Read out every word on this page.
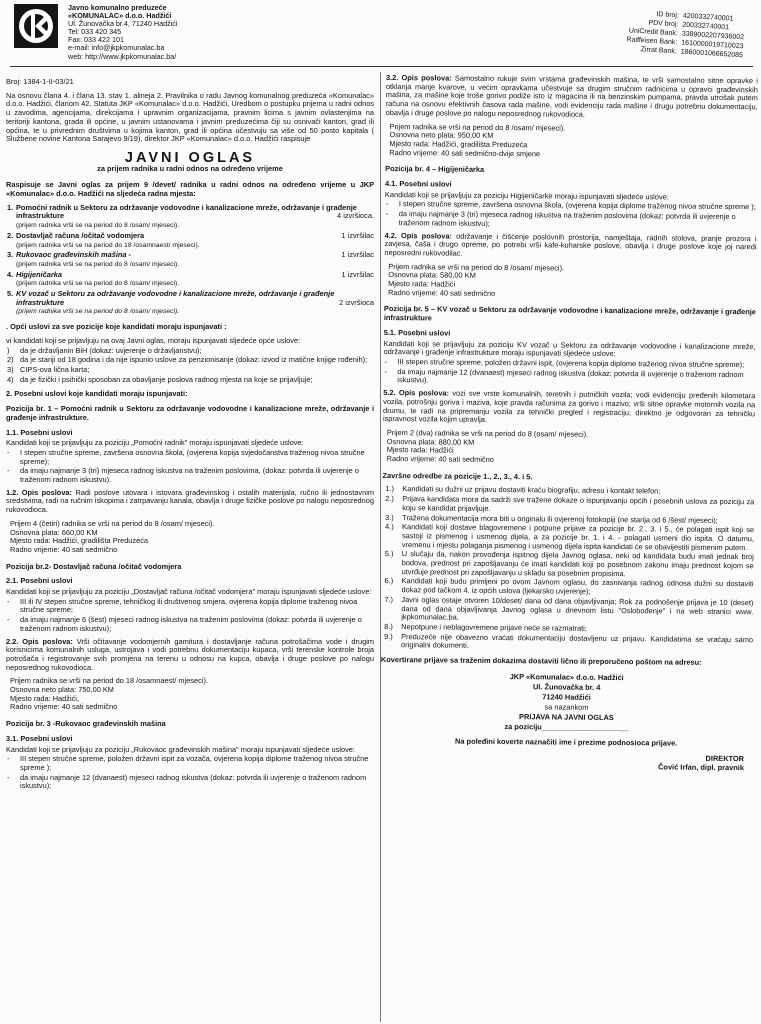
Javno komunalno preduzeće
«KOMUNALAC» d.o.o. Hadžići
Ul. Žunovačka br.4, 71240 Hadžići
Tel: 033 420 345
Fax: 033 422 101
e-mail: info@jkpkomunalac.ba
web: http://www.jkpkomunalac.ba/
ID broj: 4200332740001
PDV broj: 200332740001
UniCredit Bank: 3389002207936002
Raiffeisen Bank: 1610000019710023
Zirrat Bank: 1860001066652085

Broj: 1384-1-II-03/21

Na osnovu člana 4. i člana 13. stav 1. alineja 2. Pravilnika o radu Javnog komunalnog preduzeća «Komunalac» d.o.o. Hadžići, članom 42. Statuta JKP «Komunalac» d.o.o. Hadžići, Uredbom o postupku prijema u radni odnos u zavodima, agencijama, direkcijama i upravnim organizacijama, pravnim licima s javnim ovlastenjima na teritoriji kantona, grada ili općine, u javnim ustanovama i javnim preduzećima čiji su osnivači kanton, grad ili općina, te u privrednim društvima u kojima kanton, grad ili općina učestvuju sa više od 50 posto kapitala ( Službene novine Kantona Sarajevo 9/19), direktor JKP «Komunalac» d.o.o. Hadžići raspisuje

JAVNI OGLAS

za prijem radnika u radni odnos na određeno vrijeme

Raspisuje se Javni oglas za prijem 9 /devet/ radnika u radni odnos na određeno vrijeme u JKP «Komunalac» d.o.o. Hadžići na sljedeća radna mjesta:

1. Pomoćni radnik u Sektoru za održavanje vodovodne i kanalizacione mreže, održavanje i građenje infrastrukture	4 izvršioca.

(prijem radnika vrši se na period do 8 /osam/ mjeseci).
2. Dostavljač računa /očitač vodomjera	1 izvršilac

(prijem radnika vrši se na period do 18 /osamnaest/ mjeseci).
3. Rukovaoc građevinskih mašina -	1 izvršilac

(prijem radnika vrši se na period do 8 /osam/ mjeseci).
4. Higijeničarka	1 izvršilac

(prijem radnika vrši se na period do 8 /osam/ mjeseci).
5. KV vozač u Sektoru za održavanje vodovodne i kanalizacione mreže, održavanje i građenje infrastrukture	2 izvršioca

(prijem radnika vrši se na period do 8 /osam/ mjeseci).

. Opći uslovi za sve pozicije koje kandidati moraju ispunjavati :

vi kandidati koji se prijavljuju na ovaj Javni oglas, moraju ispunjavati sljedeće opće uslove:

) da je državljanin BiH (dokaz: uvjerenje o državljanstvu);
2) da je stariji od 18 godina i da nije ispunio uslove za penzionisanje (dokaz: izvod iz matične knjige rođenih);
3) CIPS-ova lična karta;
4) da je fizički i psihički sposoban za obavljanje poslova radnog mjesta na koje se prijavljuje;

2. Posebni uslovi koje kandidati moraju ispunjavati:

Pozicija br. 1 – Pomoćni radnik u Sektoru za održavanje vodovodne i kanalizacione mreže, održavanje i građenje infrastrukture.

1.1. Posebni uslovi

Kandidati koji se prijavljuju za poziciju „Pomoćni radnik" moraju ispunjavati sljedeće uslove:

- I stepen stručne spreme, završena osnovna škola, (ovjerena kopija svjedočanstva traženog nivoa stručne spreme);
- da imaju najmanje 3 (tri) mjeseca radnog iskustva na traženim poslovima, (dokaz: potvrda ili uvjerenje o traženom radnom iskustvu).

1.2. Opis poslova: Radi poslove utovara i istovara građevinskog i ostalih materijala, ručno ili jednostavnim sredstvima, radi na ručnim iskopima i zatrpavanju kanala, obavlja i druge fizičke poslove po nalogu neposrednog rukovodioca.

Prijem 4 (četiri) radnika se vrši na period do 8 /osam/ mjeseci).
Osnovna plata: 660,00 KM
Mjesto rada: Hadžići, gradilišta Preduzeća
Radno vrijeme: 40 sati sedmično

Pozicija br.2- Dostavljač računa /očitač vodomjera

2.1. Posebni uslovi

Kandidati koji se prijavljuju za poziciju „Dostavljač računa /očitač vodomjera" moraju ispunjavati sljedeće uslove:

- III ili IV stepen stručne spreme, tehničkog ili društvenog smjera, ovjerena kopija diplome traženog nivoa stručne spreme;
- da imaju najmanje 6 (šest) mjeseci radnog iskustva na traženim poslovima (dokaz: potvrda ili uvjerenje o traženom radnom iskustvu);

2.2. Opis poslova: Vrši očitavanje vodomjernih gamitura i dostavljanje računa potrošačima vode i drugim korisnicima komunalnih usluga, ustrojava i vodi potrebnu dokumentaciju kupaca, vrši terenske kontrole broja potrošača i registrovanje svih promjena na terenu u odnosu na kupca, obavlja i druge poslove po nalogu neposrednog rukovodioca.

Prijem radnika se vrši na period do 18 /osamnaest/ mjeseci).
Osnovna neto plata: 750,00 KM
Mjesto rada: Hadžići,
Radno vrijeme: 40 sati sedmično

Pozicija br. 3 -Rukovaoc građevinskih mašina

3.1. Posebni uslovi

Kandidati koji se prijavljuju za poziciju „Rukovaoc građevinskih mašina" moraju ispunjavati sljedeće uslove:

- III stepen stručne spreme, položen državni ispit za vozača, ovjerena kopija diplome traženog nivoa stručne spreme );
- da imaju najmanje 12 (dvanaest) mjeseci radnog iskustva (dokaz: potvrda ili uvjerenje o traženom radnom iskustvu);

3.2. Opis poslova: Samostalno rukuje svim vrstama građevinskih mašina, te vrši samostalno sitne opravke i otklanja manje kvarove, u većim opravkama učestvuje sa drugim stručnim radnicima u opravci građevinskih mašina, za mašine koje troše gorivo podiže isto iz magacina ili na benzinskim pumpama, pravda utrošak putem računa na osnovu efektivnih časova rada mašine, vodi evidenciju rada mašine i drugu potrebnu dokumentaciju, obavlja i druge poslove po nalogu neposrednog rukovodioca.

Prijem radnika se vrši na period do 8 /osam/ mjeseci).
Osnovna neto plata: 950,00 KM
Mjesto rada: Hadžići, gradilišta Preduzeća
Radno vrijeme: 40 sati sedmično-dvije smjene

Pozicija br. 4 – Higijeničarka

4.1. Posebni uslovi

Kandidati koji se prijavljuju za poziciju Higijeničarke moraju ispunjavati sljedeće uslove:

- I stepen stručne spreme, završena osnovna škola, (ovjerena kopija diplome traženog nivoa stručne spreme );
- da imaju najmanje 3 (tri) mjeseca radnog iskustva na traženim poslovima (dokaz: potvrda ili uvjerenje o traženom radnom iskustvu);

4.2. Opis poslova: održavanje i čišćenje poslovnih prostorija, namještaja, radnih stolova, pranje prozora i zavjesa, čaša i drugo opreme, po potrebi vrši kafe-kuharske poslove, obavlja i druge poslove koje joj naredi neposredni rukovodilac.

Prijem radnika se vrši na period do 8 /osam/ mjeseci).
Osnovna plata: 580,00 KM
Mjesto rada: Hadžići
Radno vrijeme: 40 sati sedmično

Pozicija br. 5 – KV vozač u Sektoru za održavanje vodovodne i kanalizacione mreže, održavanje i građenje infrastrukture

5.1. Posebni uslovi

Kandidati koji se prijavljuju za poziciju KV vozač u Sektoru za održavanje vodovodne i kanalizacione mreže, održavanje i građenje infrastrukture moraju ispunjavati sljedeće uslove:

- III stepen stručne spreme, položen državni ispit, (ovjerena kopija diplome traženog nivoa stručne spreme);
- da imaju najmanje 12 (dvanaest) mjeseci radnog iskustva (dokaz: potvrda ili uvjerenje o traženom radnom iskustvu).

5.2. Opis poslova: vozi sve vrste komunalnih, teretnih i putničkih vozila; vodi evidenciju pređenih kilometara vozila, potrošnju goriva i maziva, koje pravda računima za gorivo i mazivo; vrši sitne opravke motornih vozila na drumu, te radi na pripremanju vozila za tehnički pregled i registraciju; direktno je odgovoran za tehničku ispravnost vozila kojim upravlja.

Prijem 2 (dva) radnika se vrši na period do 8 (osam/ mjeseci).
Osnovna plata: 880,00 KM
Mjesto rada: Hadžići
Radno vrijeme: 40 sati sedmično

Završne odredbe za pozicije 1., 2., 3., 4. i 5.

1.) Kandidati su dužni uz prijavu dostaviti kraću biografiju, adresu i kontakt telefon;
2.) Prijava kandidata mora da sadrži sve tražene dokaze o ispunjavanju općih i posebnih uslova za poziciju za koju se kandidat prijavljuje.
3.) Tražena dokumentacija mora biti u originalu ili ovjerenoj fotokopiji (ne starija od 6 /šest/ mjeseci);
4.) Kandidati koji dostave blagovremene i potpune prijave za pozicije br. 2., 3. i 5., će polagati ispit koji se sastoji iz pismenog i usmenog dijela, a za pozicije br. 1. i 4. - polagati usmeni dio ispita. O datumu, vremenu i mjestu polaganja pismenog i usmenog dijela ispita kandidati će se obavijestiti pismenim putem.
5.) U slučaju da, nakon provođenja ispitnog dijela Javnog oglasa, neki od kandidata budu imali jednak broj bodova, prednost pri zapošljavanju će imati kandidati koji po posebnom zakonu imaju prednost kojom se utvrđuje prednost pri zapošljavanju u skladu sa posebnim propisima.
6.) Kandidati koji budu primljeni po ovom Javnom oglasu, do zasnivanja radnog odnosa dužni su dostaviti dokaz pod tačkom 4. iz općih uslova (ljekarsko uvjerenje);
7.) Javni oglas ostaje otvoren 10/deset/ dana od dana objavljivanja; Rok za podnošenje prijava je 10 (deset) dana od dana objavljivanja Javnog oglasa u dnevnom listu "Oslobođenje" i na web stranici www. jkpkomunalac.ba.
8.) Nepotpune i neblagovremene prijave neće se razmatrati;
9.) Preduzeće nije obavezno vraćati dokumentaciju dostavljenu uz prijavu. Kandidatima se vraćaju samo originalni dokumenti.

Kovertirane prijave sa traženim dokazima dostaviti lično ili preporučeno poštom na adresu:

JKP «Komunalac» d.o.o. Hadžići
Ul. Žunovačka br. 4
71240 Hadžići
sa nazankom
PRIJAVA NA JAVNI OGLAS
za poziciju_____________________

Na poleđini koverte naznačiti ime i prezime podnosioca prijave.

DIREKTOR
Čović Irfan, dipl. pravnik
